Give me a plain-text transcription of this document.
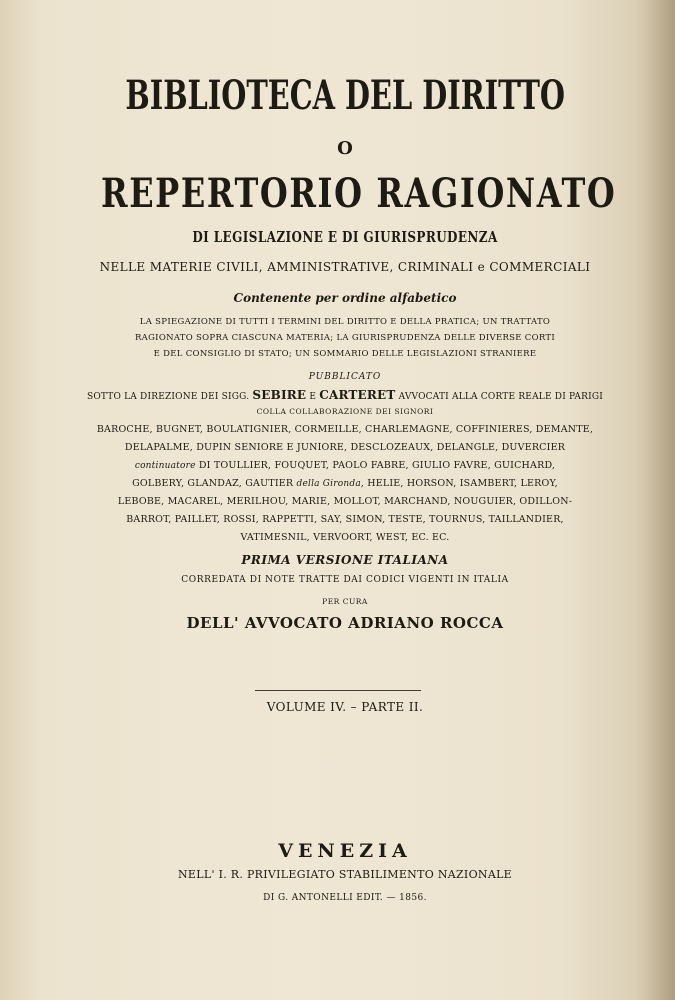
BIBLIOTECA DEL DIRITTO
O
REPERTORIO RAGIONATO
DI LEGISLAZIONE E DI GIURISPRUDENZA
NELLE MATERIE CIVILI, AMMINISTRATIVE, CRIMINALI e COMMERCIALI
Contenente per ordine alfabetico
LA SPIEGAZIONE DI TUTTI I TERMINI DEL DIRITTO E DELLA PRATICA; UN TRATTATO
RAGIONATO SOPRA CIASCUNA MATERIA; LA GIURISPRUDENZA DELLE DIVERSE CORTI
E DEL CONSIGLIO DI STATO; UN SOMMARIO DELLE LEGISLAZIONI STRANIERE
PUBBLICATO
SOTTO LA DIREZIONE DEI SIGG. SEBIRE E CARTERET AVVOCATI ALLA CORTE REALE DI PARIGI
COLLA COLLABORAZIONE DEI SIGNORI
BAROCHE, BUGNET, BOULATIGNIER, CORMEILLE, CHARLEMAGNE, COFFINIERES, DEMANTE,
DELAPALME, DUPIN SENIORE E JUNIORE, DESCLOZEAUX, DELANGLE, DUVERCIER
continuatore DI TOULLIER, FOUQUET, PAOLO FABRE, GIULIO FAVRE, GUICHARD,
GOLBERY, GLANDAZ, GAUTIER della Gironda, HELIE, HORSON, ISAMBERT, LEROY,
LEBOBE, MACAREL, MERILHOU, MARIE, MOLLOT, MARCHAND, NOUGUIER, ODILLON-
BARROT, PAILLET, ROSSI, RAPPETTI, SAY, SIMON, TESTE, TOURNUS, TAILLANDIER,
VATIMESNIL, VERVOORT, WEST, EC. EC.
PRIMA VERSIONE ITALIANA
CORREDATA DI NOTE TRATTE DAI CODICI VIGENTI IN ITALIA
PER CURA
DELL' AVVOCATO ADRIANO ROCCA
VOLUME IV. – PARTE II.
VENEZIA
NELL' I. R. PRIVILEGIATO STABILIMENTO NAZIONALE
DI G. ANTONELLI EDIT. — 1856.
